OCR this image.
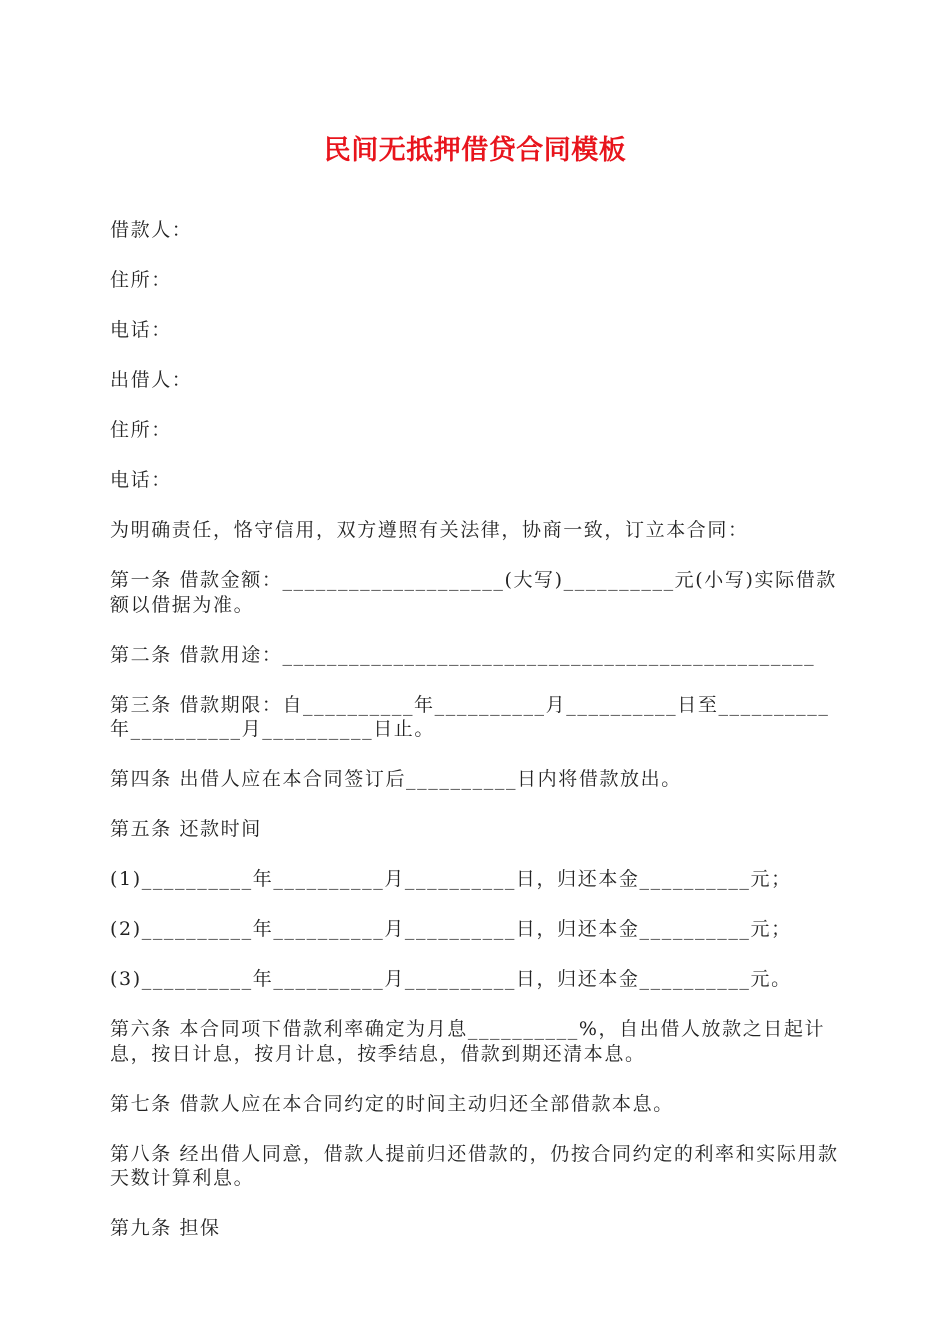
民间无抵押借贷合同模板

借款人：

住所：

电话：

出借人：

住所：

电话：

为明确责任，恪守信用，双方遵照有关法律，协商一致，订立本合同：

第一条 借款金额：____________________(大写)__________元(小写)实际借款额以借据为准。

第二条 借款用途：________________________________________________

第三条 借款期限：自__________年__________月__________日至__________年__________月__________日止。

第四条 出借人应在本合同签订后__________日内将借款放出。

第五条 还款时间

(1)__________年__________月__________日，归还本金__________元；

(2)__________年__________月__________日，归还本金__________元；

(3)__________年__________月__________日，归还本金__________元。

第六条 本合同项下借款利率确定为月息__________%，自出借人放款之日起计息，按日计息，按月计息，按季结息，借款到期还清本息。

第七条 借款人应在本合同约定的时间主动归还全部借款本息。

第八条 经出借人同意，借款人提前归还借款的，仍按合同约定的利率和实际用款天数计算利息。

第九条 担保
